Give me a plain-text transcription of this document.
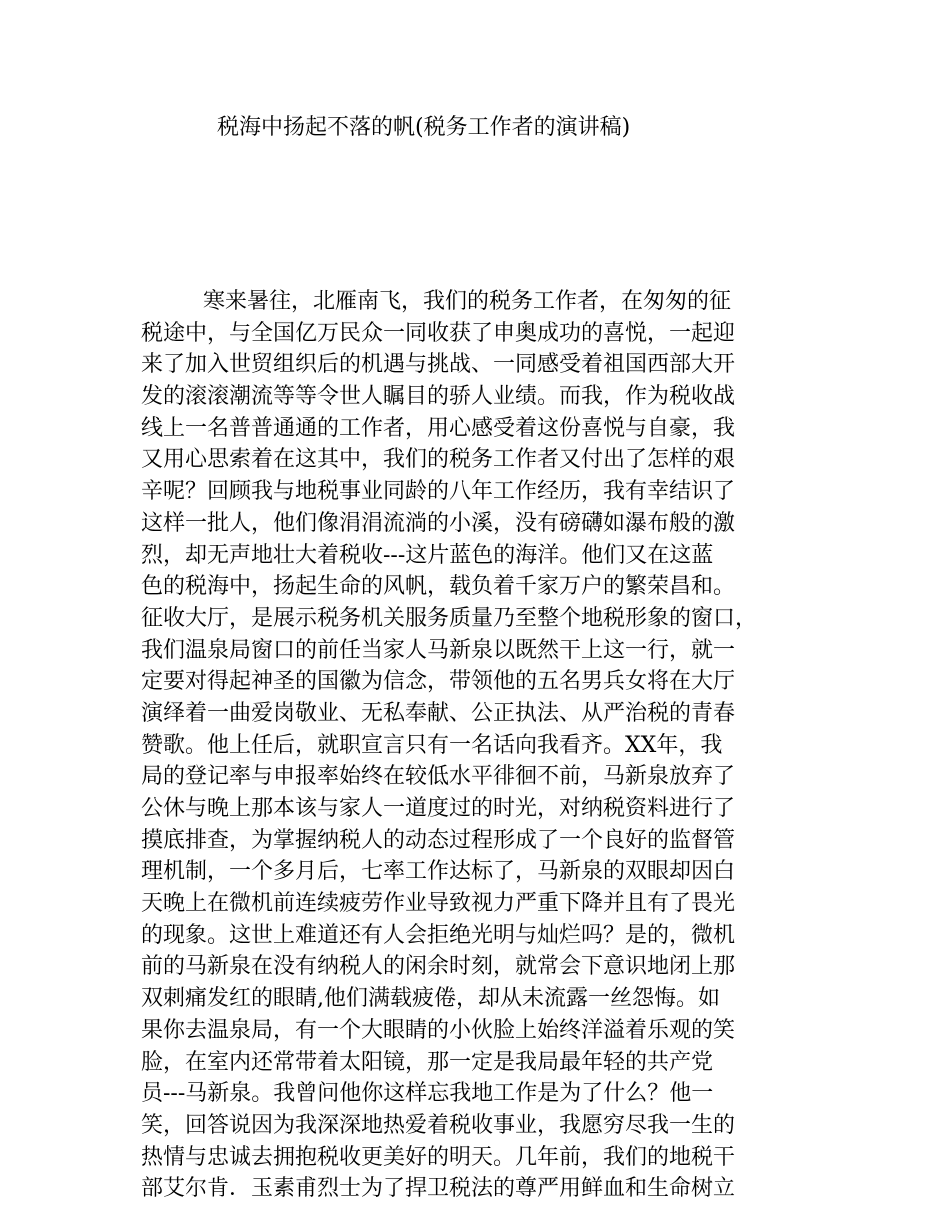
税海中扬起不落的帆(税务工作者的演讲稿)
寒来暑往，北雁南飞，我们的税务工作者，在匆匆的征
税途中，与全国亿万民众一同收获了申奥成功的喜悦，一起迎
来了加入世贸组织后的机遇与挑战、一同感受着祖国西部大开
发的滚滚潮流等等令世人瞩目的骄人业绩。而我，作为税收战
线上一名普普通通的工作者，用心感受着这份喜悦与自豪，我
又用心思索着在这其中，我们的税务工作者又付出了怎样的艰
辛呢？回顾我与地税事业同龄的八年工作经历，我有幸结识了
这样一批人，他们像涓涓流淌的小溪，没有磅礴如瀑布般的激
烈，却无声地壮大着税收---这片蓝色的海洋。他们又在这蓝
色的税海中，扬起生命的风帆，载负着千家万户的繁荣昌和。
征收大厅，是展示税务机关服务质量乃至整个地税形象的窗口，
我们温泉局窗口的前任当家人马新泉以既然干上这一行，就一
定要对得起神圣的国徽为信念，带领他的五名男兵女将在大厅
演绎着一曲爱岗敬业、无私奉献、公正执法、从严治税的青春
赞歌。他上任后，就职宣言只有一名话向我看齐。XX年，我
局的登记率与申报率始终在较低水平徘徊不前，马新泉放弃了
公休与晚上那本该与家人一道度过的时光，对纳税资料进行了
摸底排查，为掌握纳税人的动态过程形成了一个良好的监督管
理机制，一个多月后，七率工作达标了，马新泉的双眼却因白
天晚上在微机前连续疲劳作业导致视力严重下降并且有了畏光
的现象。这世上难道还有人会拒绝光明与灿烂吗？是的，微机
前的马新泉在没有纳税人的闲余时刻，就常会下意识地闭上那
双刺痛发红的眼睛,他们满载疲倦，却从未流露一丝怨悔。如
果你去温泉局，有一个大眼睛的小伙脸上始终洋溢着乐观的笑
脸，在室内还常带着太阳镜，那一定是我局最年轻的共产党
员---马新泉。我曾问他你这样忘我地工作是为了什么？他一
笑，回答说因为我深深地热爱着税收事业，我愿穷尽我一生的
热情与忠诚去拥抱税收更美好的明天。几年前，我们的地税干
部艾尔肯．玉素甫烈士为了捍卫税法的尊严用鲜血和生命树立
